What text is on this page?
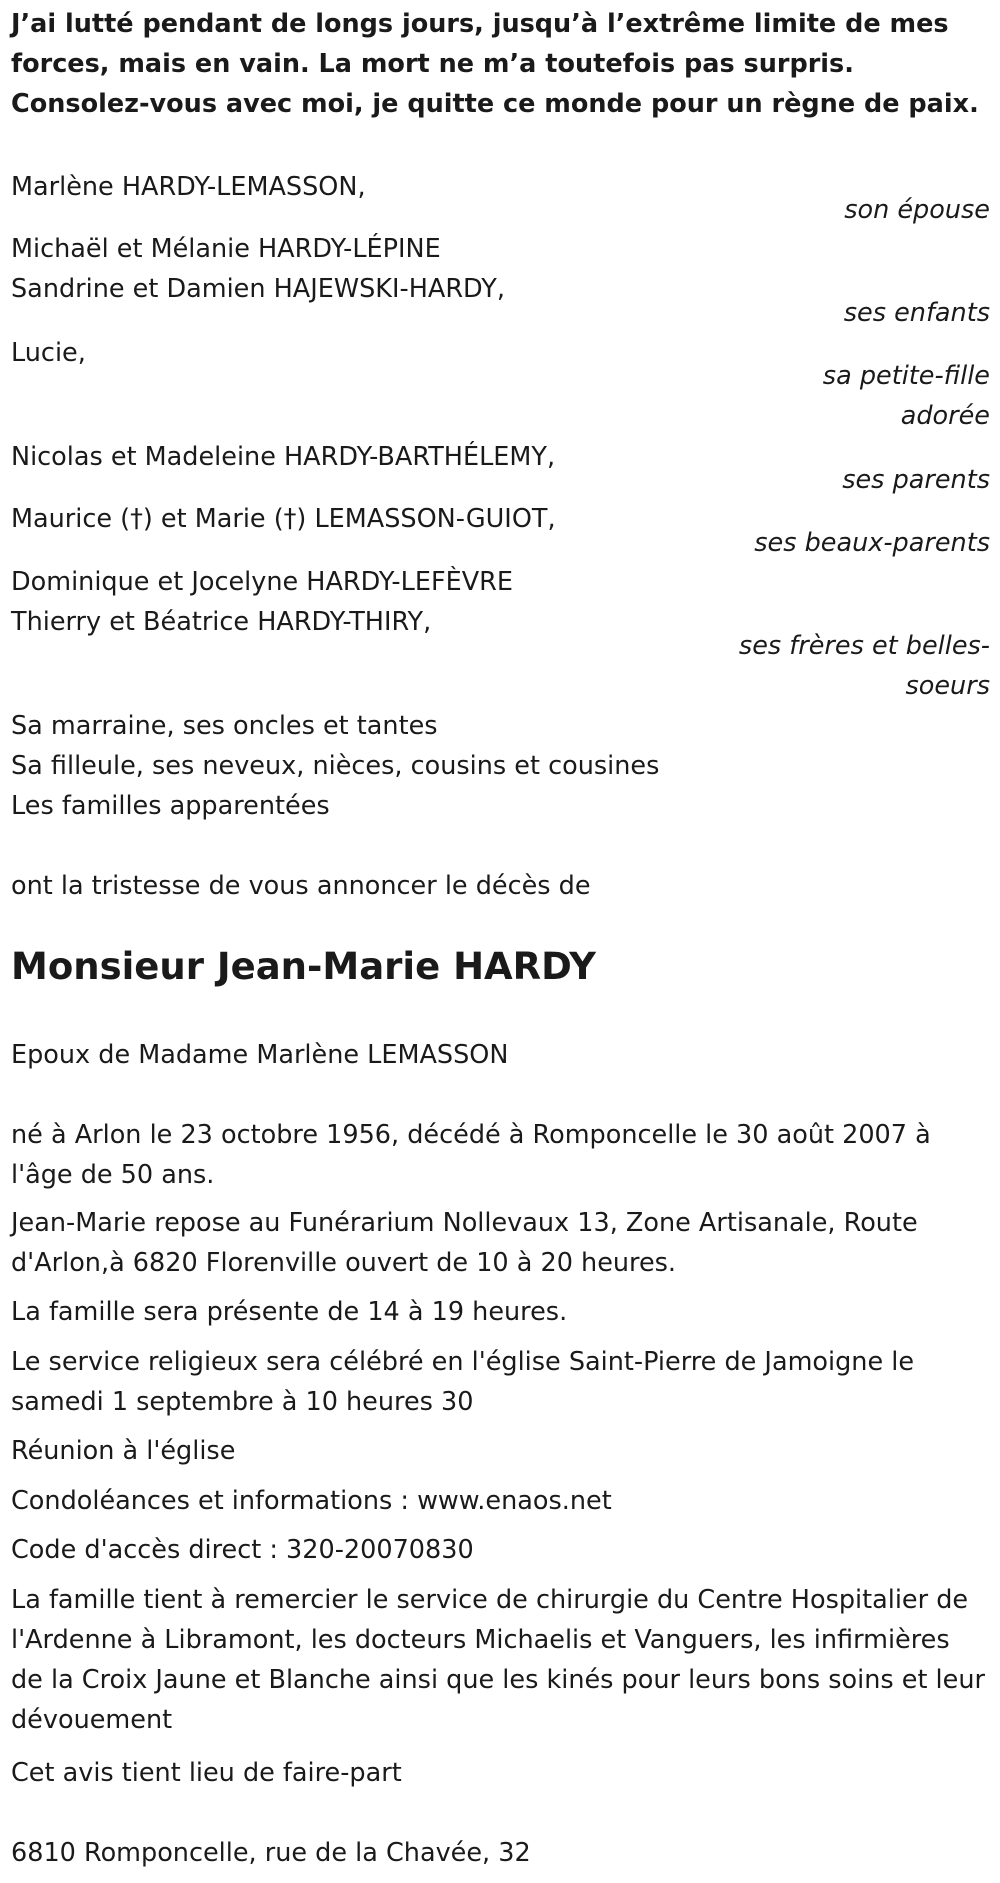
J’ai lutté pendant de longs jours, jusqu’à l’extrême limite de mes forces, mais en vain. La mort ne m’a toutefois pas surpris. Consolez-vous avec moi, je quitte ce monde pour un règne de paix.
Marlène HARDY-LEMASSON,
son épouse
Michaël et Mélanie HARDY-LÉPINE
Sandrine et Damien HAJEWSKI-HARDY,
ses enfants
Lucie,
sa petite-fille adorée
Nicolas et Madeleine HARDY-BARTHÉLEMY,
ses parents
Maurice (†) et Marie (†) LEMASSON-GUIOT,
ses beaux-parents
Dominique et Jocelyne HARDY-LEFÈVRE
Thierry et Béatrice HARDY-THIRY,
ses frères et belles-soeurs
Sa marraine, ses oncles et tantes
Sa filleule, ses neveux, nièces, cousins et cousines
Les familles apparentées
ont la tristesse de vous annoncer le décès de
Monsieur Jean-Marie HARDY
Epoux de Madame Marlène LEMASSON
né à Arlon le 23 octobre 1956, décédé à Romponcelle le 30 août 2007 à l'âge de 50 ans.
Jean-Marie repose au Funérarium Nollevaux 13, Zone Artisanale, Route d'Arlon,à 6820 Florenville ouvert de 10 à 20 heures.
La famille sera présente de 14 à 19 heures.
Le service religieux sera célébré en l'église Saint-Pierre de Jamoigne le samedi 1 septembre à 10 heures 30
Réunion à l'église
Condoléances et informations : www.enaos.net
Code d'accès direct : 320-20070830
La famille tient à remercier le service de chirurgie du Centre Hospitalier de l'Ardenne à Libramont, les docteurs Michaelis et Vanguers, les infirmières de la Croix Jaune et Blanche ainsi que les kinés pour leurs bons soins et leur dévouement
Cet avis tient lieu de faire-part
6810 Romponcelle, rue de la Chavée, 32
